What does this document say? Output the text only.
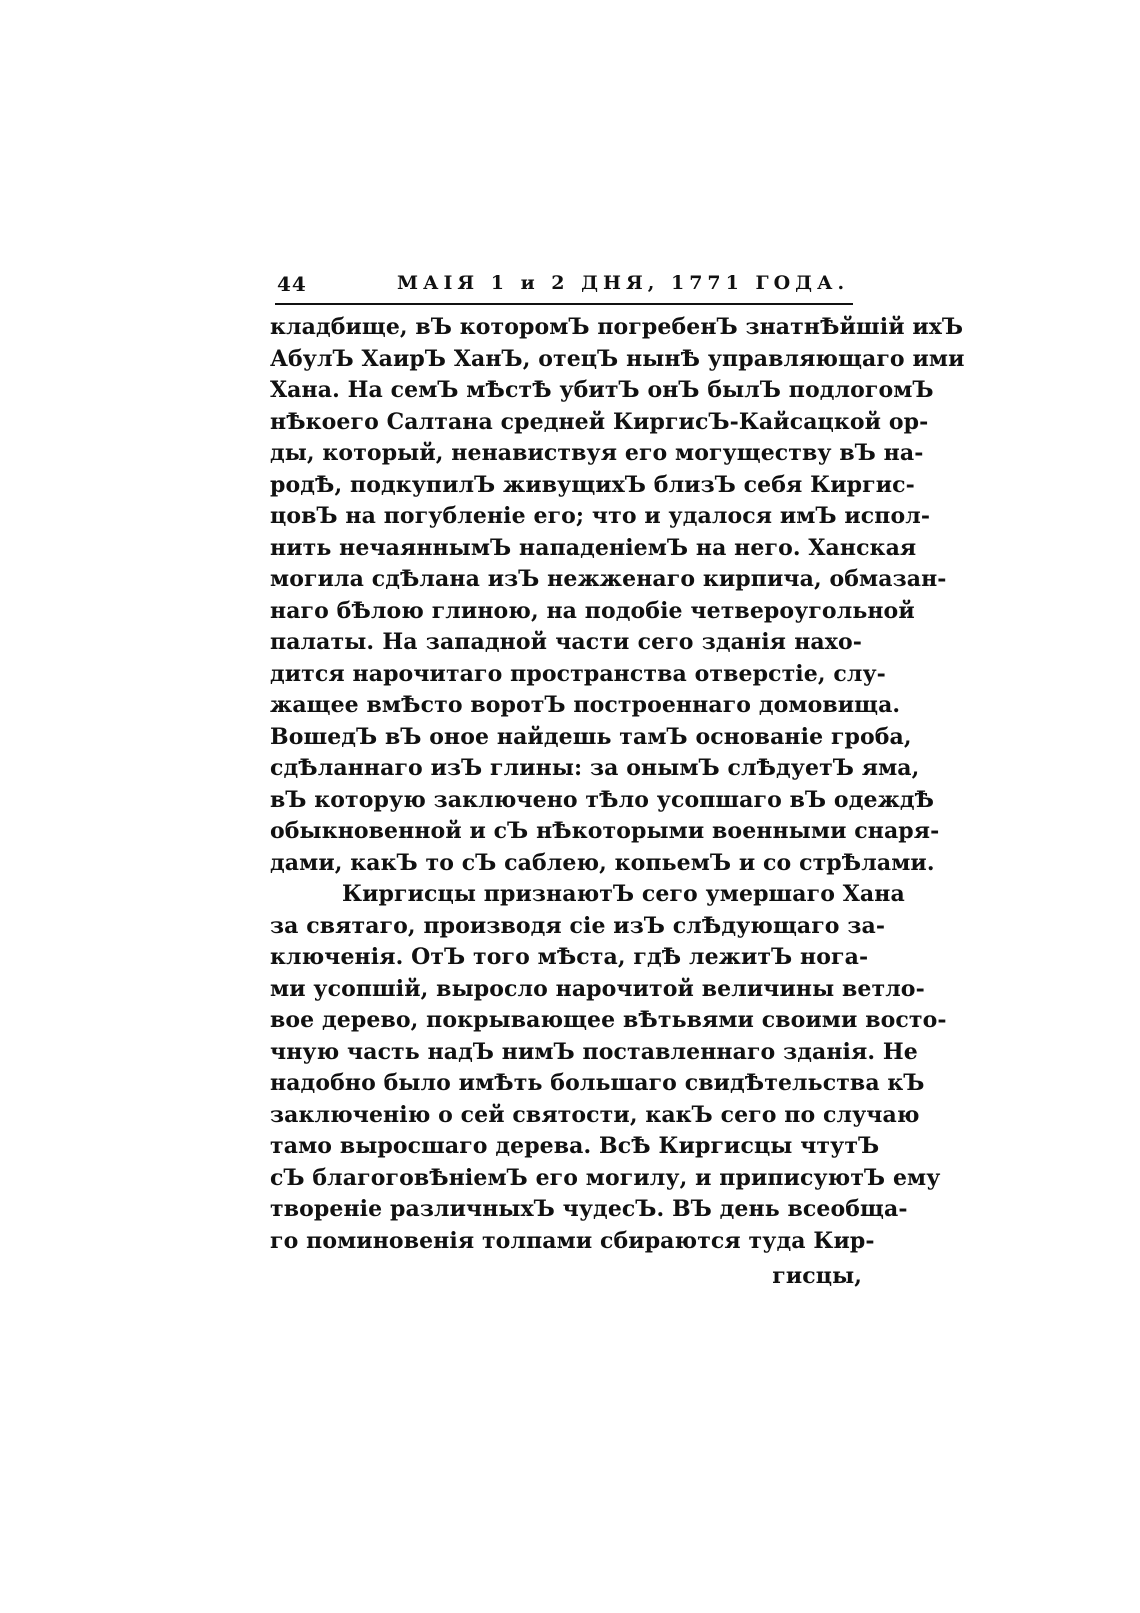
44	МАІЯ 1 и 2 ДНЯ, 1771 ГОДА.
кладбище, вЪ которомЪ погребенЪ знатнѢйшій ихЪ
АбулЪ ХаирЪ ХанЪ, отецЪ нынѢ управляющаго ими
Хана. На семЪ мѢстѢ убитЪ онЪ былЪ подлогомЪ
нѢкоего Салтана средней КиргисЪ-Кайсацкой ор-
ды, который, ненавиствуя его могуществу вЪ на-
родѢ, подкупилЪ живущихЪ близЪ себя Киргис-
цовЪ на погубленіе его; что и удалося имЪ испол-
нить нечаяннымЪ нападеніемЪ на него. Ханская
могила сдѢлана изЪ нежженаго кирпича, обмазан-
наго бѢлою глиною, на подобіе четвероугольной
палаты. На западной части сего зданія нахо-
дится нарочитаго пространства отверстіе, слу-
жащее вмѢсто воротЪ построеннаго домовища.
ВошедЪ вЪ оное найдешь тамЪ основаніе гроба,
сдѢланнаго изЪ глины: за онымЪ слѢдуетЪ яма,
вЪ которую заключено тѢло усопшаго вЪ одеждѢ
обыкновенной и сЪ нѢкоторыми военными снаря-
дами, какЪ то сЪ саблею, копьемЪ и со стрѢлами.
Киргисцы признаютЪ сего умершаго Хана
за святаго, производя сіе изЪ слѢдующаго за-
ключенія. ОтЪ того мѢста, гдѢ лежитЪ нога-
ми усопшій, выросло нарочитой величины ветло-
вое дерево, покрывающее вѢтьвями своими восто-
чную часть надЪ нимЪ поставленнаго зданія. Не
надобно было имѢть большаго свидѢтельства кЪ
заключенію о сей святости, какЪ сего по случаю
тамо выросшаго дерева. ВсѢ Киргисцы чтутЪ
сЪ благоговѢніемЪ его могилу, и приписуютЪ ему
твореніе различныхЪ чудесЪ. ВЪ день всеобща-
го поминовенія толпами сбираются туда Кир-
гисцы,
